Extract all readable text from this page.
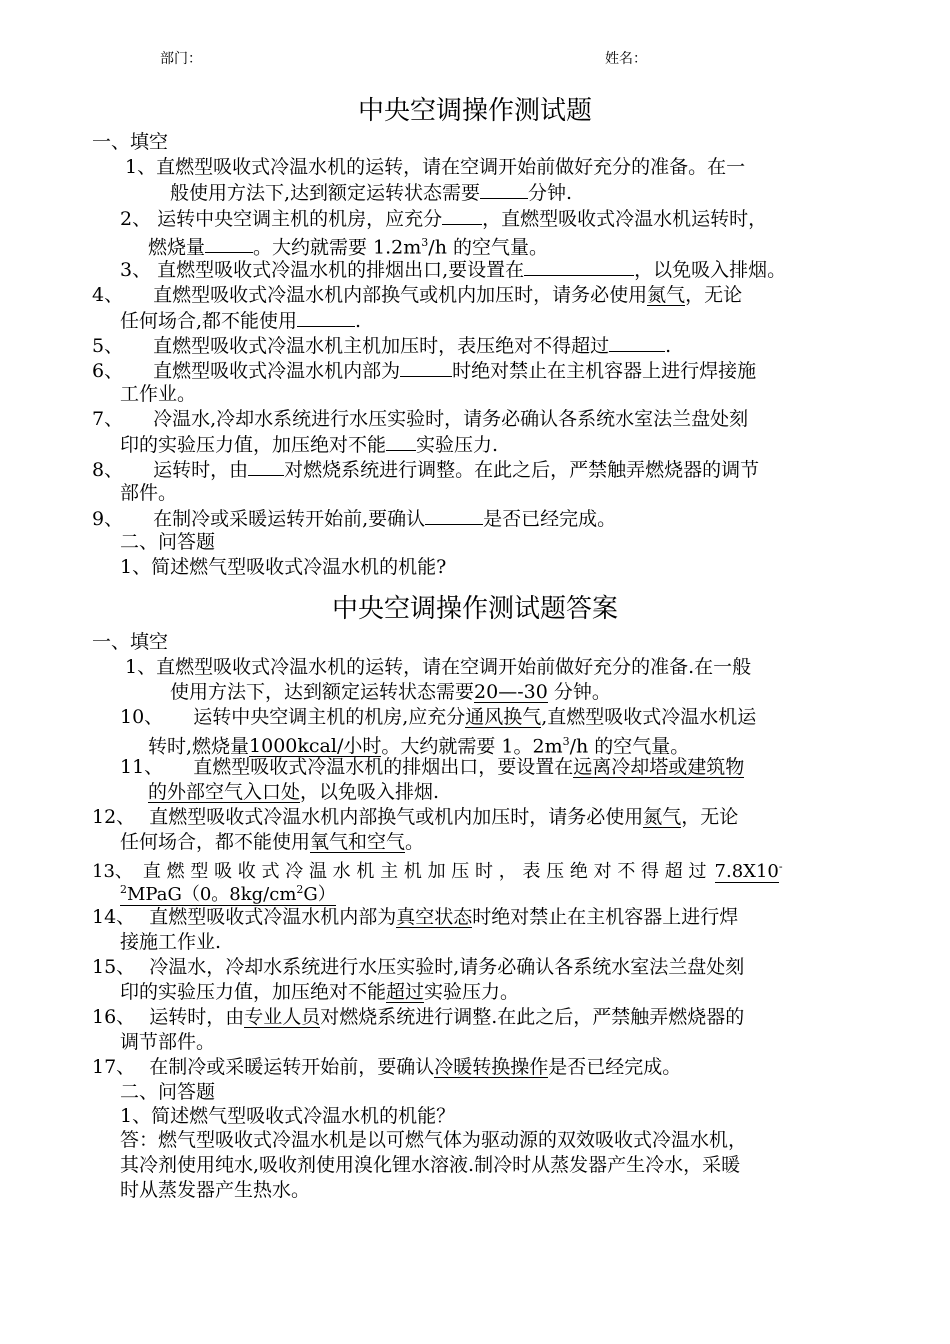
部门：	姓名：
中央空调操作测试题
一、填空
1、直燃型吸收式冷温水机的运转，请在空调开始前做好充分的准备。在一
般使用方法下,达到额定运转状态需要	分钟.
2、 运转中央空调主机的机房，应充分 ，直燃型吸收式冷温水机运转时，
燃烧量	。大约就需要 $1.2m^3/h$ 的空气量。
3、 直燃型吸收式冷温水机的排烟出口,要设置在	，以免吸入排烟。
4、 直燃型吸收式冷温水机内部换气或机内加压时，请务必使用氮气，无论
任何场合,都不能使用	.
5、 直燃型吸收式冷温水机主机加压时，表压绝对不得超过	.
6、 直燃型吸收式冷温水机内部为	时绝对禁止在主机容器上进行焊接施
工作业。
7、 冷温水,冷却水系统进行水压实验时，请务必确认各系统水室法兰盘处刻
印的实验压力值，加压绝对不能 实验压力.
8、 运转时，由 对燃烧系统进行调整。在此之后，严禁触弄燃烧器的调节
部件。
9、 在制冷或采暖运转开始前,要确认	是否已经完成。
二、问答题
1、简述燃气型吸收式冷温水机的机能?
中央空调操作测试题答案
一、填空
1、直燃型吸收式冷温水机的运转，请在空调开始前做好充分的准备.在一般
使用方法下，达到额定运转状态需要20—-30 分钟。
10、 运转中央空调主机的机房,应充分通风换气,直燃型吸收式冷温水机运
转时,燃烧量1000kcal/小时。大约就需要 1。$2m^3/h$ 的空气量。
11、 直燃型吸收式冷温水机的排烟出口，要设置在远离冷却塔或建筑物
的外部空气入口处，以免吸入排烟.
12、 直燃型吸收式冷温水机内部换气或机内加压时，请务必使用氮气，无论
任何场合，都不能使用氧气和空气。
13、 直 燃 型 吸 收 式 冷 温 水 机 主 机 加 压 时 ， 表 压 绝 对 不 得 超 过 7.8X10-
$^2$MPaG（0。$8kg/cm^2G$）
14、 直燃型吸收式冷温水机内部为真空状态时绝对禁止在主机容器上进行焊
接施工作业.
15、 冷温水，冷却水系统进行水压实验时,请务必确认各系统水室法兰盘处刻
印的实验压力值，加压绝对不能超过实验压力。
16、 运转时，由专业人员对燃烧系统进行调整.在此之后，严禁触弄燃烧器的
调节部件。
17、 在制冷或采暖运转开始前，要确认冷暖转换操作是否已经完成。
二、问答题
1、简述燃气型吸收式冷温水机的机能？
答：燃气型吸收式冷温水机是以可燃气体为驱动源的双效吸收式冷温水机，
其冷剂使用纯水,吸收剂使用溴化锂水溶液.制冷时从蒸发器产生冷水，采暖
时从蒸发器产生热水。
